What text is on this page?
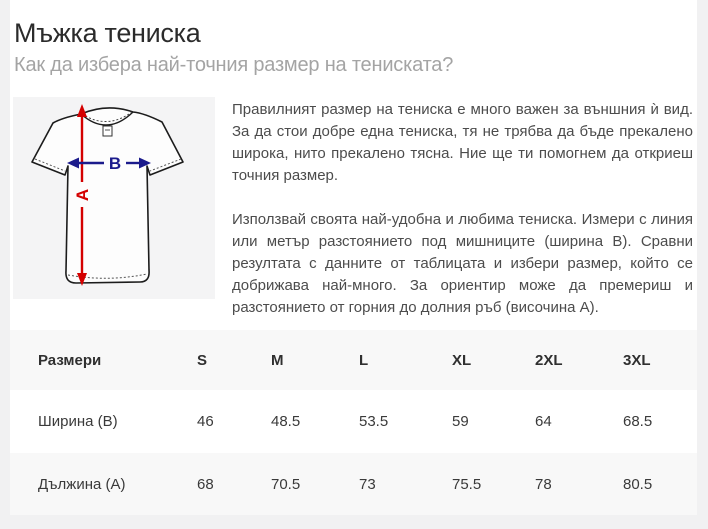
Мъжка тениска
Как да избера най-точния размер на тениската?
A
B

Правилният размер на тениска е много важен за външния ѝ вид. За да стои добре една тениска, тя не трябва да бъде прекалено широка, нито прекалено тясна. Ние ще ти помогнем да откриеш точния размер.

Използвай своята най-удобна и любима тениска. Измери с линия или метър разстоянието под мишниците (ширина B). Сравни резултата с данните от таблицата и избери размер, който се добрижава най-много. За ориентир може да премериш и разстоянието от горния до долния ръб (височина A).

Размери	S	M	L	XL	2XL	3XL
Ширина (B)	46	48.5	53.5	59	64	68.5
Дължина (A)	68	70.5	73	75.5	78	80.5
